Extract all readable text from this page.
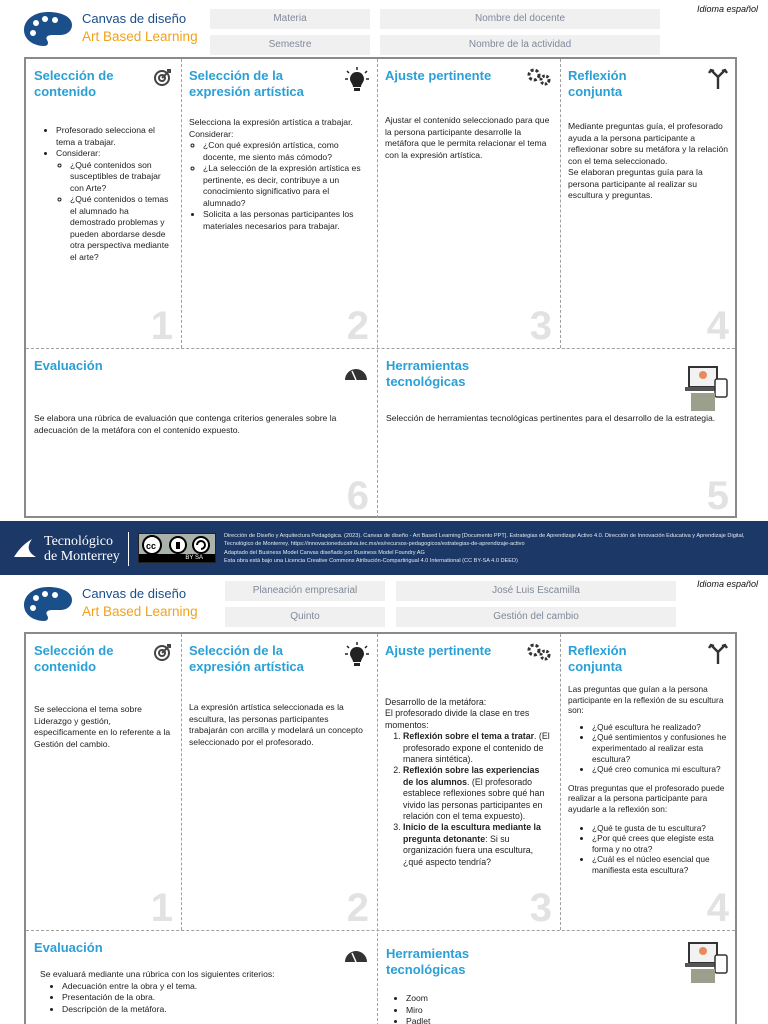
Canvas de diseño
Art Based Learning
Idioma español
Materia	Nombre del docente
Semestre	Nombre de la actividad
Selección de contenido
• Profesorado selecciona el tema a trabajar.
• Considerar:
◦ ¿Qué contenidos son susceptibles de trabajar con Arte?
◦ ¿Qué contenidos o temas el alumnado ha demostrado problemas y pueden abordarse desde otra perspectiva mediante el arte?
1
Selección de la expresión artística

Selecciona la expresión artística a trabajar. Considerar:

◦ ¿Con qué expresión artística, como docente, me siento más cómodo?
◦ ¿La selección de la expresión artística es pertinente, es decir, contribuye a un conocimiento significativo para el alumnado?
• Solicita a las personas participantes los materiales necesarios para trabajar.
2
Ajuste pertinente
Ajustar el contenido seleccionado para que la persona participante desarrolle la metáfora que le permita relacionar el tema con la expresión artística.
3
Reflexión conjunta

Mediante preguntas guía, el profesorado ayuda a la persona participante a reflexionar sobre su metáfora y la relación con el tema seleccionado.

Se elaboran preguntas guía para la persona participante al realizar su escultura y preguntas.

4
Evaluación
Se elabora una rúbrica de evaluación que contenga criterios generales sobre la adecuación de la metáfora con el contenido expuesto.
6
Herramientas tecnológicas
Selección de herramientas tecnológicas pertinentes para el desarrollo de la estrategia.
5
Tecnológico
de Monterrey
cc
BY SA
Dirección de Diseño y Arquitectura Pedagógica. (2023). Canvas de diseño - Art Based Learning [Documento PPT]. Estrategias de Aprendizaje Activo 4.0. Dirección de Innovación Educativa y Aprendizaje Digital, Tecnológico de Monterrey. https://innovacioneducativa.tec.mx/es/recursos-pedagogicos/estrategias-de-aprendizaje-activo
Adaptado del Business Model Canvas diseñado por Business Model Foundry AG
Esta obra está bajo una Licencia Creative Commons Atribución-Compartirigual 4.0 International (CC BY-SA 4.0 DEED)
Canvas de diseño
Art Based Learning
Idioma español
Planeación empresarial	José Luis Escamilla
Quinto	Gestión del cambio
Selección de contenido
Se selecciona el tema sobre Liderazgo y gestión, especificamente en lo referente a la Gestión del cambio.
1
Selección de la expresión artística
La expresión artística seleccionada es la escultura, las personas participantes trabajarán con arcilla y modelará un concepto seleccionado por el profesorado.
2
Ajuste pertinente

Desarrollo de la metáfora:

El profesorado divide la clase en tres momentos:

1. Reflexión sobre el tema a tratar. (El profesorado expone el contenido de manera sintética).
2. Reflexión sobre las experiencias de los alumnos. (El profesorado establece reflexiones sobre qué han vivido las personas participantes en relación con el tema expuesto).
3. Inicio de la escultura mediante la pregunta detonante: Si su organización fuera una escultura, ¿qué aspecto tendría?
3
Reflexión conjunta

Las preguntas que guían a la persona participante en la reflexión de su escultura son:

• ¿Qué escultura he realizado?
• ¿Qué sentimientos y confusiones he experimentado al realizar esta escultura?
• ¿Qué creo comunica mi escultura?

Otras preguntas que el profesorado puede realizar a la persona participante para ayudarle a la reflexión son:

• ¿Qué te gusta de tu escultura?
• ¿Por qué crees que elegiste esta forma y no otra?
• ¿Cuál es el núcleo esencial que manifiesta esta escultura?
4
Evaluación

Se evaluará mediante una rúbrica con los siguientes criterios:

• Adecuación entre la obra y el tema.
• Presentación de la obra.
• Descripción de la metáfora.
Herramientas tecnológicas
• Zoom
• Miro
• Padlet
